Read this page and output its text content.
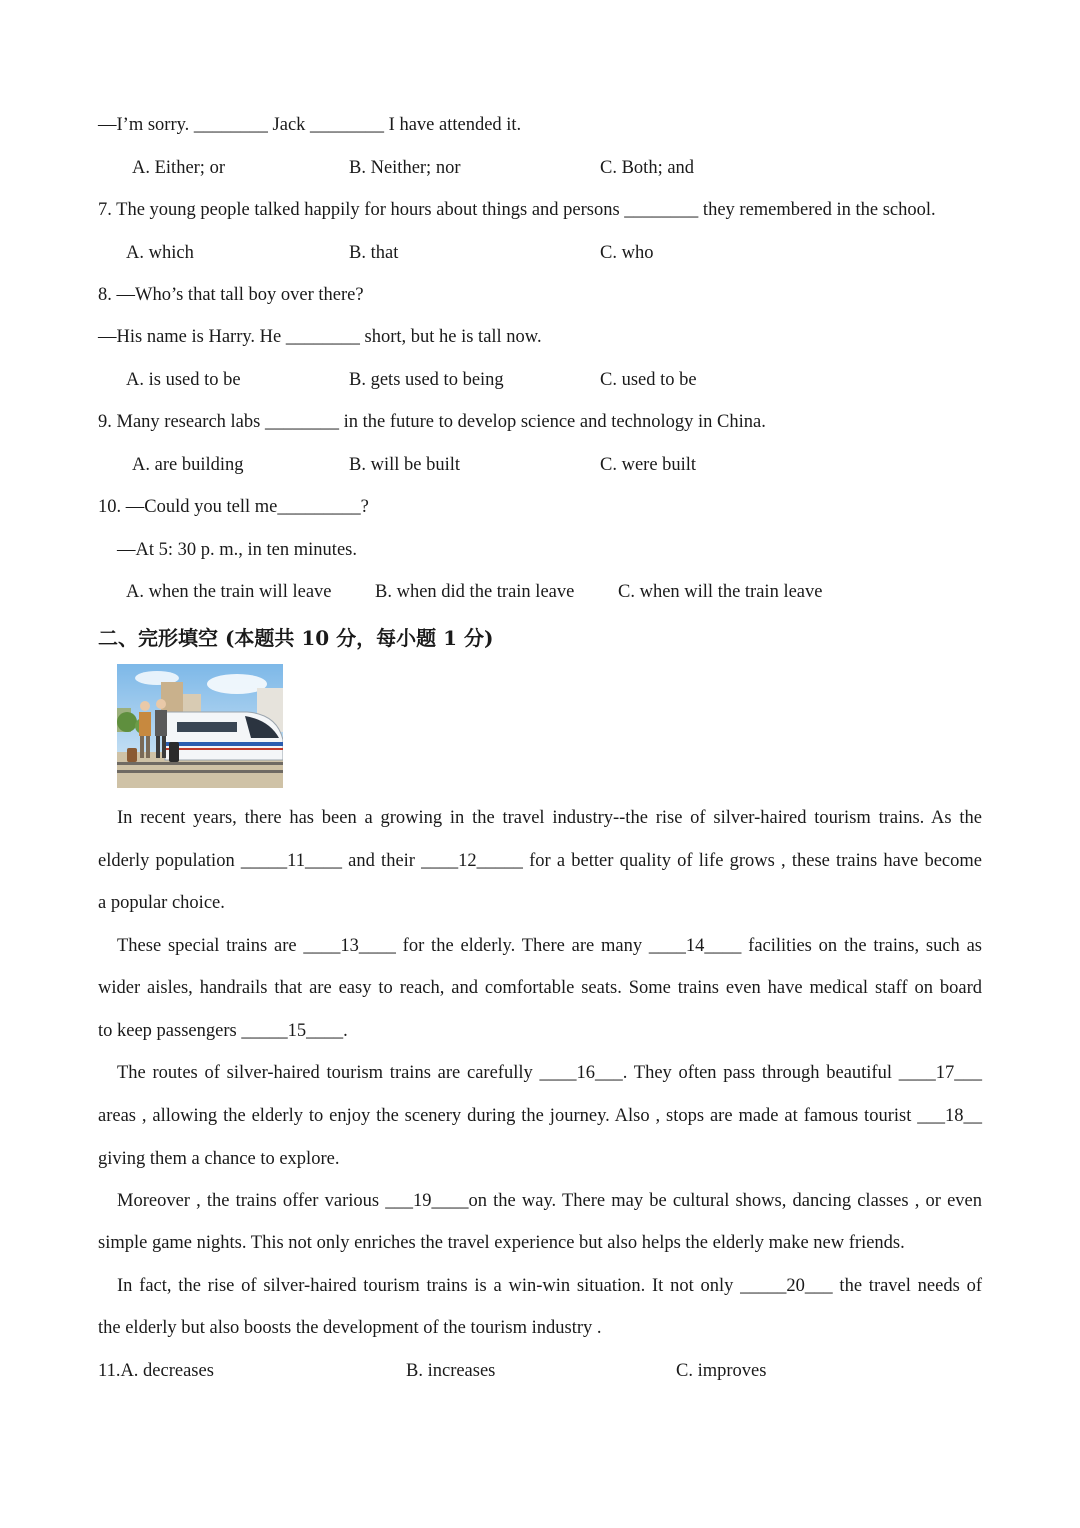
—I’m sorry. ________ Jack ________ I have attended it.
A. Either; or	B. Neither; nor	C. Both; and
7. The young people talked happily for hours about things and persons ________ they remembered in the school.
A. which	B. that	C. who
8. —Who’s that tall boy over there?
—His name is Harry. He ________ short, but he is tall now.
A. is used to be	B. gets used to being	C. used to be
9. Many research labs ________ in the future to develop science and technology in China.
A. are building	B. will be built	C. were built
10. —Could you tell me_________?
—At 5: 30 p. m., in ten minutes.
A. when the train will leave B. when did the train leave C. when will the train leave
二、完形填空 (本题共 10 分，每小题 1 分)
In recent years, there has been a growing in the travel industry--the rise of silver-haired tourism trains. As the
elderly population _____11____ and their ____12_____ for a better quality of life grows , these trains have become
a popular choice.
These special trains are ____13____ for the elderly. There are many ____14____ facilities on the trains, such as
wider aisles, handrails that are easy to reach, and comfortable seats. Some trains even have medical staff on board
to keep passengers _____15____.
The routes of silver-haired tourism trains are carefully ____16___. They often pass through beautiful ____17___
areas , allowing the elderly to enjoy the scenery during the journey. Also , stops are made at famous tourist ___18__
giving them a chance to explore.
Moreover , the trains offer various ___19____on the way. There may be cultural shows, dancing classes , or even
simple game nights. This not only enriches the travel experience but also helps the elderly make new friends.
In fact, the rise of silver-haired tourism trains is a win-win situation. It not only _____20___ the travel needs of
the elderly but also boosts the development of the tourism industry .
11.A. decreases	B. increases	C. improves
